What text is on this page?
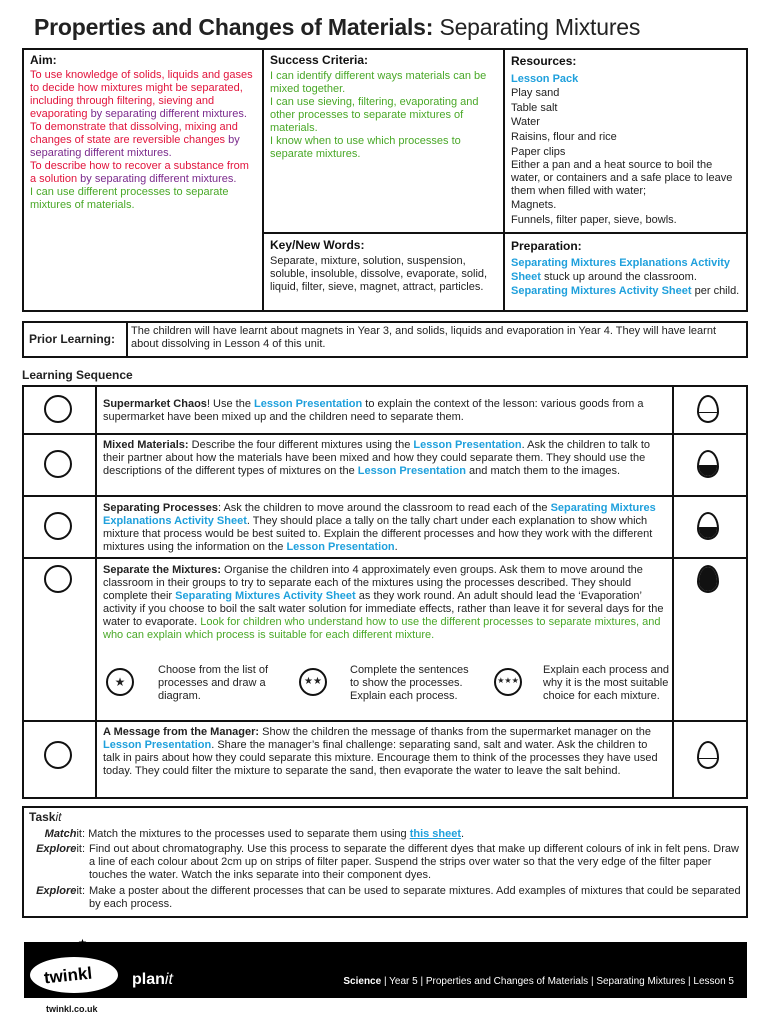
Properties and Changes of Materials: Separating Mixtures
Aim:
To use knowledge of solids, liquids and gases to decide how mixtures might be separated, including through filtering, sieving and evaporating by separating different mixtures.
To demonstrate that dissolving, mixing and changes of state are reversible changes by separating different mixtures.
To describe how to recover a substance from a solution by separating different mixtures.
I can use different processes to separate mixtures of materials.
Success Criteria:
I can identify different ways materials can be mixed together.
I can use sieving, filtering, evaporating and other processes to separate mixtures of materials.
I know when to use which processes to separate mixtures.
Resources:
Lesson Pack
Play sand
Table salt
Water
Raisins, flour and rice
Paper clips
Either a pan and a heat source to boil the water, or containers and a safe place to leave them when filled with water;
Magnets.
Funnels, filter paper, sieve, bowls.
Key/New Words:
Separate, mixture, solution, suspension, soluble, insoluble, dissolve, evaporate, solid, liquid, filter, sieve, magnet, attract, particles.
Preparation:
Separating Mixtures Explanations Activity Sheet stuck up around the classroom.
Separating Mixtures Activity Sheet per child.
Prior Learning:
The children will have learnt about magnets in Year 3, and solids, liquids and evaporation in Year 4. They will have learnt about dissolving in Lesson 4 of this unit.
Learning Sequence
Supermarket Chaos! Use the Lesson Presentation to explain the context of the lesson: various goods from a supermarket have been mixed up and the children need to separate them.
Mixed Materials: Describe the four different mixtures using the Lesson Presentation. Ask the children to talk to their partner about how the materials have been mixed and how they could separate them. They should use the descriptions of the different types of mixtures on the Lesson Presentation and match them to the images.
Separating Processes: Ask the children to move around the classroom to read each of the Separating Mixtures Explanations Activity Sheet. They should place a tally on the tally chart under each explanation to show which mixture that process would be best suited to. Explain the different processes and how they work with the different mixtures using the information on the Lesson Presentation.
Separate the Mixtures: Organise the children into 4 approximately even groups. Ask them to move around the classroom in their groups to try to separate each of the mixtures using the processes described. They should complete their Separating Mixtures Activity Sheet as they work round. An adult should lead the ‘Evaporation’ activity if you choose to boil the salt water solution for immediate effects, rather than leave it for several days for the water to evaporate. Look for children who understand how to use the different processes to separate mixtures, and who can explain which process is suitable for each different mixture.
★
Choose from the list of processes and draw a diagram.
★★
Complete the sentences to show the processes. Explain each process.
★★★
Explain each process and why it is the most suitable choice for each mixture.
A Message from the Manager: Show the children the message of thanks from the supermarket manager on the Lesson Presentation. Share the manager’s final challenge: separating sand, salt and water. Ask the children to talk in pairs about how they could separate this mixture. Encourage them to think of the processes they have used today. They could filter the mixture to separate the sand, then evaporate the water to leave the salt behind.
Taskit
Matchit: Match the mixtures to the processes used to separate them using this sheet.
Exploreit: Find out about chromatography. Use this process to separate the different dyes that make up different colours of ink in felt pens. Draw a line of each colour about 2cm up on strips of filter paper. Suspend the strips over water so that the very edge of the filter paper touches the water. Watch the inks separate into their component dyes.
Exploreit: Make a poster about the different processes that can be used to separate mixtures. Add examples of mixtures that could be separated by each process.
★	★
★
twinkl planit
twinkl.co.uk
Science | Year 5 | Properties and Changes of Materials | Separating Mixtures | Lesson 5
